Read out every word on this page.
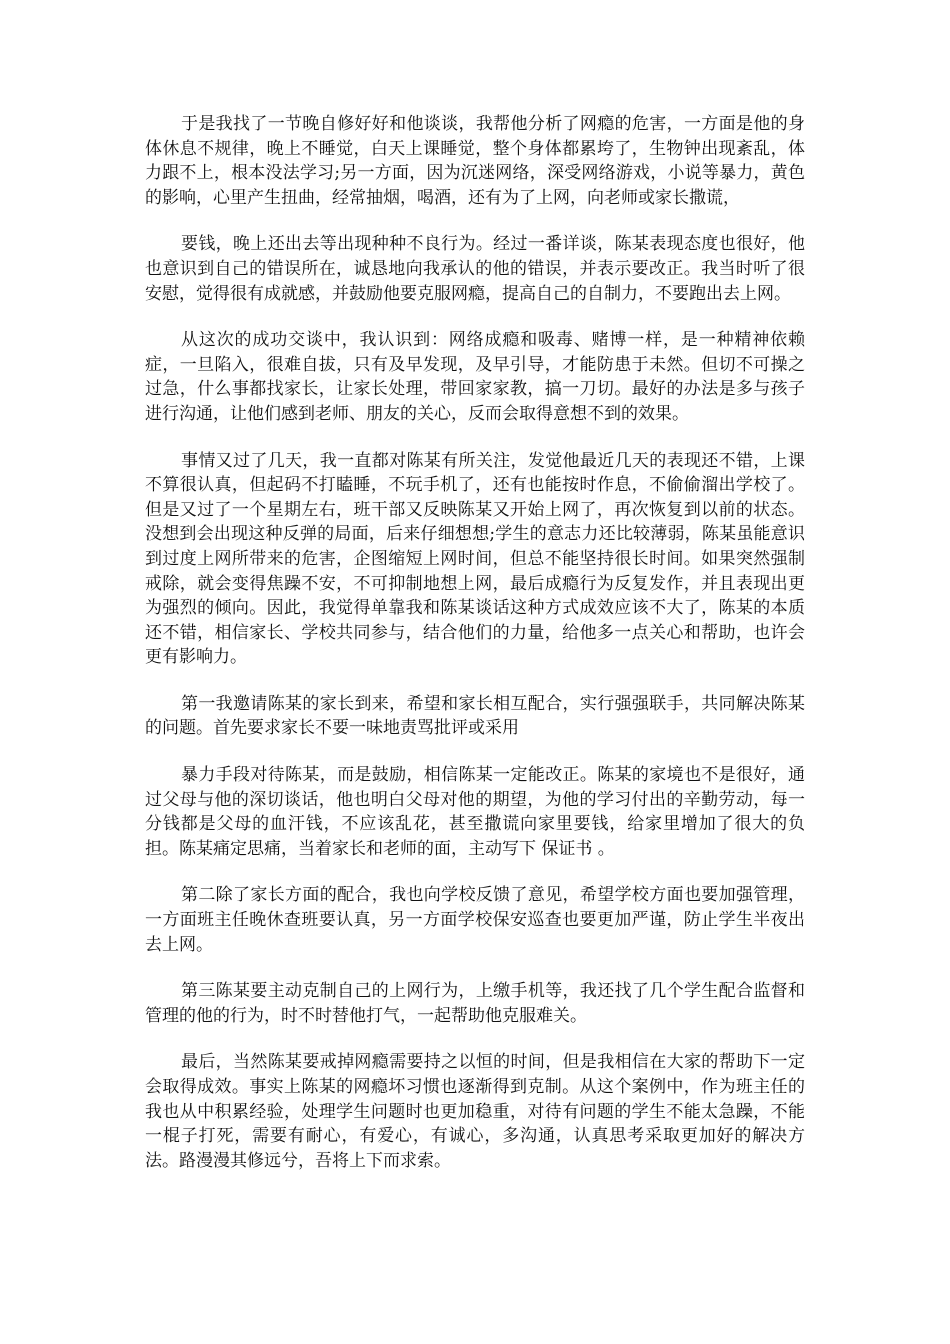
于是我找了一节晚自修好好和他谈谈，我帮他分析了网瘾的危害，一方面是他的身体休息不规律，晚上不睡觉，白天上课睡觉，整个身体都累垮了，生物钟出现紊乱，体力跟不上，根本没法学习;另一方面，因为沉迷网络，深受网络游戏，小说等暴力，黄色的影响，心里产生扭曲，经常抽烟，喝酒，还有为了上网，向老师或家长撒谎，

要钱，晚上还出去等出现种种不良行为。经过一番详谈，陈某表现态度也很好，他也意识到自己的错误所在，诚恳地向我承认的他的错误，并表示要改正。我当时听了很安慰，觉得很有成就感，并鼓励他要克服网瘾，提高自己的自制力，不要跑出去上网。

从这次的成功交谈中，我认识到：网络成瘾和吸毒、赌博一样，是一种精神依赖症，一旦陷入，很难自拔，只有及早发现，及早引导，才能防患于未然。但切不可操之过急，什么事都找家长，让家长处理，带回家家教，搞一刀切。最好的办法是多与孩子进行沟通，让他们感到老师、朋友的关心，反而会取得意想不到的效果。

事情又过了几天，我一直都对陈某有所关注，发觉他最近几天的表现还不错，上课不算很认真，但起码不打瞌睡，不玩手机了，还有也能按时作息，不偷偷溜出学校了。但是又过了一个星期左右，班干部又反映陈某又开始上网了，再次恢复到以前的状态。没想到会出现这种反弹的局面，后来仔细想想;学生的意志力还比较薄弱，陈某虽能意识到过度上网所带来的危害，企图缩短上网时间，但总不能坚持很长时间。如果突然强制戒除，就会变得焦躁不安，不可抑制地想上网，最后成瘾行为反复发作，并且表现出更为强烈的倾向。因此，我觉得单靠我和陈某谈话这种方式成效应该不大了，陈某的本质还不错，相信家长、学校共同参与，结合他们的力量，给他多一点关心和帮助，也许会更有影响力。

第一我邀请陈某的家长到来，希望和家长相互配合，实行强强联手，共同解决陈某的问题。首先要求家长不要一味地责骂批评或采用

暴力手段对待陈某，而是鼓励，相信陈某一定能改正。陈某的家境也不是很好，通过父母与他的深切谈话，他也明白父母对他的期望，为他的学习付出的辛勤劳动，每一分钱都是父母的血汗钱，不应该乱花，甚至撒谎向家里要钱，给家里增加了很大的负担。陈某痛定思痛，当着家长和老师的面，主动写下 保证书 。

第二除了家长方面的配合，我也向学校反馈了意见，希望学校方面也要加强管理，一方面班主任晚休查班要认真，另一方面学校保安巡查也要更加严谨，防止学生半夜出去上网。

第三陈某要主动克制自己的上网行为，上缴手机等，我还找了几个学生配合监督和管理的他的行为，时不时替他打气，一起帮助他克服难关。

最后，当然陈某要戒掉网瘾需要持之以恒的时间，但是我相信在大家的帮助下一定会取得成效。事实上陈某的网瘾坏习惯也逐渐得到克制。从这个案例中，作为班主任的我也从中积累经验，处理学生问题时也更加稳重，对待有问题的学生不能太急躁，不能一棍子打死，需要有耐心，有爱心，有诚心，多沟通，认真思考采取更加好的解决方法。路漫漫其修远兮，吾将上下而求索。
